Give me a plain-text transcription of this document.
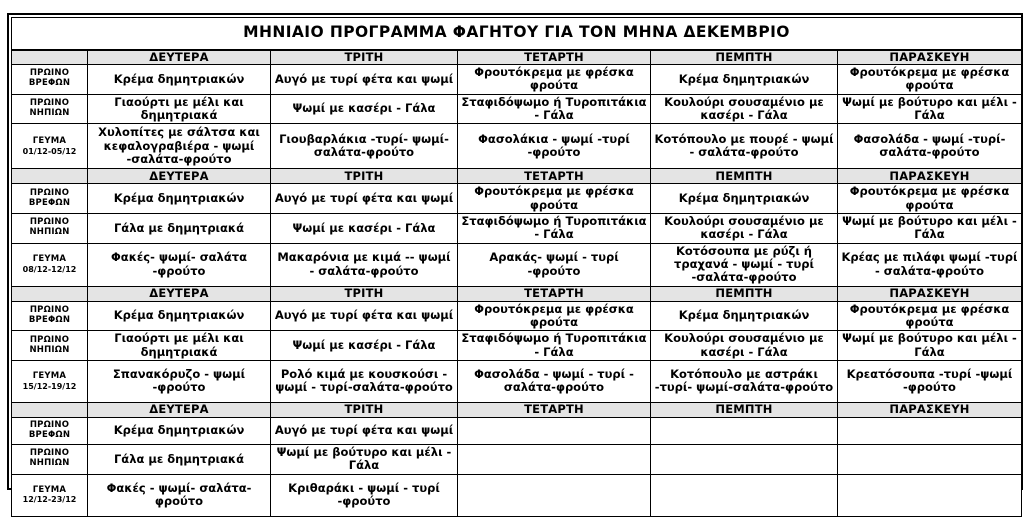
ΜΗΝΙΑΙΟ ΠΡΟΓΡΑΜΜΑ ΦΑΓΗΤΟΥ ΓΙΑ ΤΟΝ ΜΗΝΑ ΔΕΚΕΜΒΡΙΟ					
	ΔΕΥΤΕΡΑ	ΤΡΙΤΗ	ΤΕΤΑΡΤΗ	ΠΕΜΠΤΗ	ΠΑΡΑΣΚΕΥΗ
ΠΡΩΙΝΟ
ΒΡΕΦΩΝ	Κρέμα δημητριακών	Αυγό με τυρί φέτα και ψωμί	Φρουτόκρεμα με φρέσκα φρούτα	Κρέμα δημητριακών	Φρουτόκρεμα με φρέσκα φρούτα
ΠΡΩΙΝΟ
ΝΗΠΙΩΝ	Γιαούρτι με μέλι και δημητριακά	Ψωμί με κασέρι - Γάλα	Σταφιδόψωμο ή Τυροπιτάκια - Γάλα	Κουλούρι σουσαμένιο με κασέρι - Γάλα	Ψωμί με βούτυρο και μέλι - Γάλα
ΓΕΥΜΑ
01/12-05/12	Χυλοπίτες με σάλτσα και κεφαλογραβιέρα - ψωμί -σαλάτα-φρούτο	Γιουβαρλάκια -τυρί- ψωμί-σαλάτα-φρούτο	Φασολάκια - ψωμί -τυρί -φρούτο	Κοτόπουλο με πουρέ - ψωμί - σαλάτα-φρούτο	Φασολάδα - ψωμί -τυρί- σαλάτα-φρούτο
	ΔΕΥΤΕΡΑ	ΤΡΙΤΗ	ΤΕΤΑΡΤΗ	ΠΕΜΠΤΗ	ΠΑΡΑΣΚΕΥΗ
ΠΡΩΙΝΟ
ΒΡΕΦΩΝ	Κρέμα δημητριακών	Αυγό με τυρί φέτα και ψωμί	Φρουτόκρεμα με φρέσκα φρούτα	Κρέμα δημητριακών	Φρουτόκρεμα με φρέσκα φρούτα
ΠΡΩΙΝΟ
ΝΗΠΙΩΝ	Γάλα με δημητριακά	Ψωμί με κασέρι - Γάλα	Σταφιδόψωμο ή Τυροπιτάκια - Γάλα	Κουλούρι σουσαμένιο με κασέρι - Γάλα	Ψωμί με βούτυρο και μέλι - Γάλα
ΓΕΥΜΑ
08/12-12/12	Φακές- ψωμί- σαλάτα -φρούτο	Μακαρόνια με κιμά -- ψωμί - σαλάτα-φρούτο	Αρακάς- ψωμί - τυρί -φρούτο	Κοτόσουπα με ρύζι ή τραχανά - ψωμί - τυρί -σαλάτα-φρούτο	Κρέας με πιλάφι ψωμί -τυρί - σαλάτα-φρούτο
	ΔΕΥΤΕΡΑ	ΤΡΙΤΗ	ΤΕΤΑΡΤΗ	ΠΕΜΠΤΗ	ΠΑΡΑΣΚΕΥΗ
ΠΡΩΙΝΟ
ΒΡΕΦΩΝ	Κρέμα δημητριακών	Αυγό με τυρί φέτα και ψωμί	Φρουτόκρεμα με φρέσκα φρούτα	Κρέμα δημητριακών	Φρουτόκρεμα με φρέσκα φρούτα
ΠΡΩΙΝΟ
ΝΗΠΙΩΝ	Γιαούρτι με μέλι και δημητριακά	Ψωμί με κασέρι - Γάλα	Σταφιδόψωμο ή Τυροπιτάκια - Γάλα	Κουλούρι σουσαμένιο με κασέρι - Γάλα	Ψωμί με βούτυρο και μέλι - Γάλα
ΓΕΥΜΑ
15/12-19/12	Σπανακόρυζο - ψωμί -φρούτο	Ρολό κιμά με κουσκούσι - ψωμί - τυρί-σαλάτα-φρούτο	Φασολάδα - ψωμί - τυρί - σαλάτα-φρούτο	Κοτόπουλο με αστράκι -τυρί- ψωμί-σαλάτα-φρούτο	Κρεατόσουπα -τυρί -ψωμί -φρούτο
	ΔΕΥΤΕΡΑ	ΤΡΙΤΗ	ΤΕΤΑΡΤΗ	ΠΕΜΠΤΗ	ΠΑΡΑΣΚΕΥΗ
ΠΡΩΙΝΟ
ΒΡΕΦΩΝ	Κρέμα δημητριακών	Αυγό με τυρί φέτα και ψωμί			
ΠΡΩΙΝΟ
ΝΗΠΙΩΝ	Γάλα με δημητριακά	Ψωμί με βούτυρο και μέλι - Γάλα			
ΓΕΥΜΑ
12/12-23/12	Φακές - ψωμί- σαλάτα-φρούτο	Κριθαράκι - ψωμί - τυρί -φρούτο			
